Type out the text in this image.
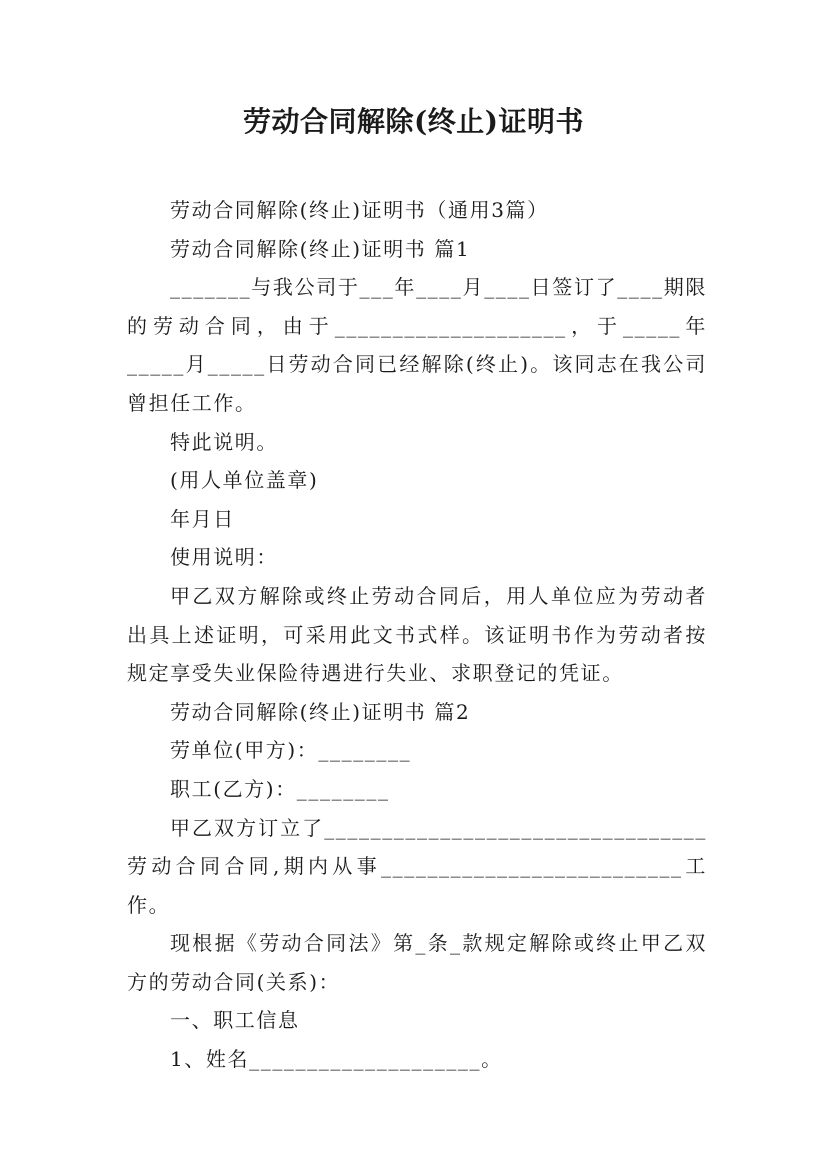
劳动合同解除(终止)证明书

劳动合同解除(终止)证明书（通用3篇）

劳动合同解除(终止)证明书 篇1

_______与我公司于___年____月____日签订了____期限的劳动合同，由于____________________，于_____年_____月_____日劳动合同已经解除(终止)。该同志在我公司曾担任工作。

特此说明。

(用人单位盖章)

年月日

使用说明：

甲乙双方解除或终止劳动合同后，用人单位应为劳动者出具上述证明，可采用此文书式样。该证明书作为劳动者按规定享受失业保险待遇进行失业、求职登记的凭证。

劳动合同解除(终止)证明书 篇2

劳单位(甲方)：________

职工(乙方)：________

甲乙双方订立了_________________________________劳动合同合同,期内从事__________________________工作。

现根据《劳动合同法》第_条_款规定解除或终止甲乙双方的劳动合同(关系)：

一、职工信息

1、姓名____________________。
